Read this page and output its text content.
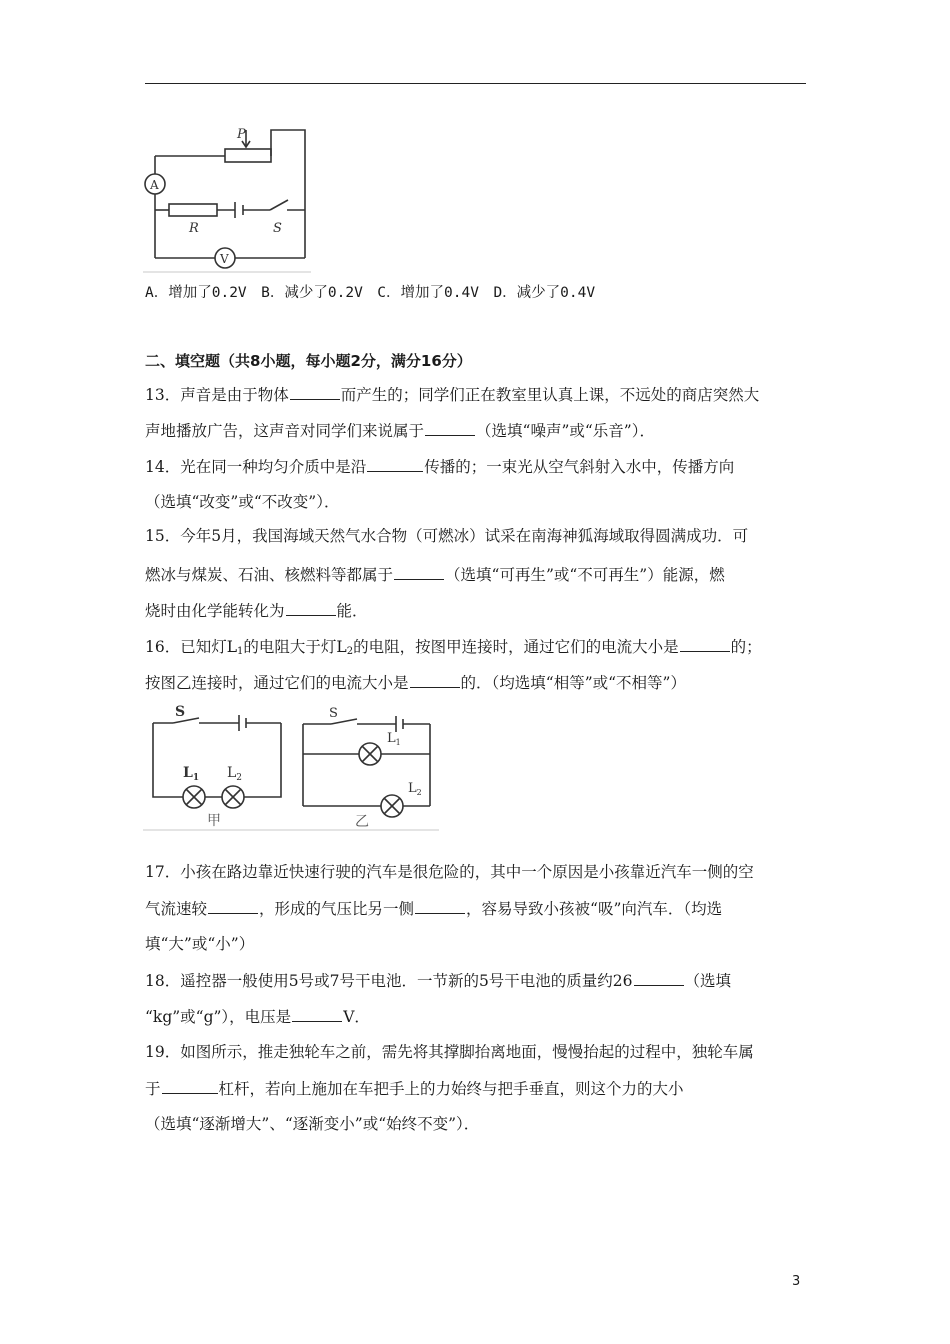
P
A
R	S
V
A．增加了0.2V　B．减少了0.2V　C．增加了0.4V　D．减少了0.4V
二、填空题（共8小题，每小题2分，满分16分）
13．声音是由于物体	而产生的；同学们正在教室里认真上课，不远处的商店突然大
声地播放广告，这声音对同学们来说属于	（选填“噪声”或“乐音”）．
14．光在同一种均匀介质中是沿	传播的；一束光从空气斜射入水中，传播方向
（选填“改变”或“不改变”）．
15．今年5月，我国海域天然气水合物（可燃冰）试采在南海神狐海域取得圆满成功．可
燃冰与煤炭、石油、核燃料等都属于	（选填“可再生”或“不可再生”）能源，燃
烧时由化学能转化为	能．
16．已知灯$L_1$的电阻大于灯$L_2$的电阻，按图甲连接时，通过它们的电流大小是	的；
按图乙连接时，通过它们的电流大小是	的．（均选填“相等”或“不相等”）
S
$L_1$ $L_2$
甲
S
$L_1$
$L_2$
乙
17．小孩在路边靠近快速行驶的汽车是很危险的，其中一个原因是小孩靠近汽车一侧的空
气流速较	，形成的气压比另一侧	，容易导致小孩被“吸”向汽车．（均选
填“大”或“小”）
18．遥控器一般使用5号或7号干电池．一节新的5号干电池的质量约26	（选填
“kg”或“g”），电压是	V．
19．如图所示，推走独轮车之前，需先将其撑脚抬离地面，慢慢抬起的过程中，独轮车属
于	杠杆，若向上施加在车把手上的力始终与把手垂直，则这个力的大小
（选填“逐渐增大”、“逐渐变小”或“始终不变”）．
3
